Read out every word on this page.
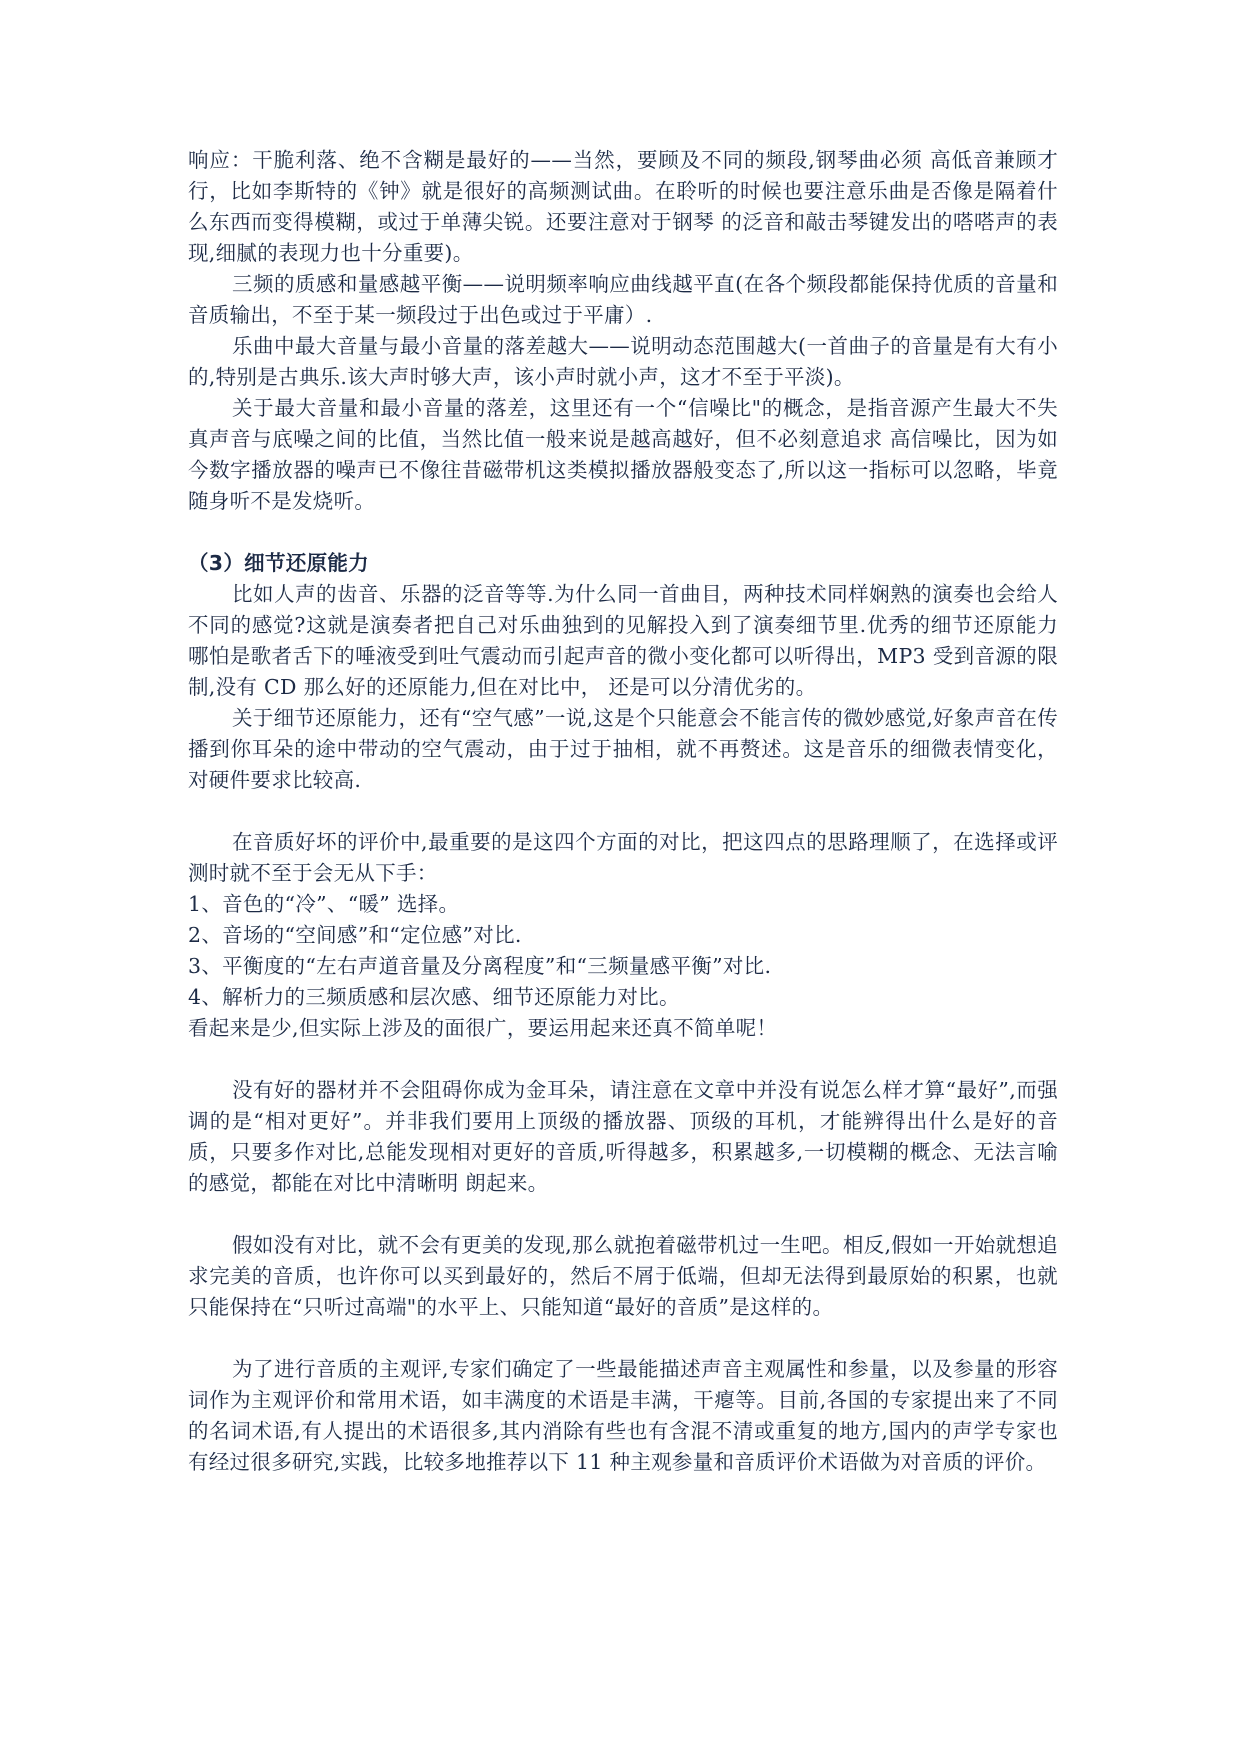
响应：干脆利落、绝不含糊是最好的——当然，要顾及不同的频段,钢琴曲必须 高低音兼顾才行，比如李斯特的《钟》就是很好的高频测试曲。在聆听的时候也要注意乐曲是否像是隔着什么东西而变得模糊，或过于单薄尖锐。还要注意对于钢琴 的泛音和敲击琴键发出的嗒嗒声的表现,细腻的表现力也十分重要)。

三频的质感和量感越平衡——说明频率响应曲线越平直(在各个频段都能保持优质的音量和音质输出，不至于某一频段过于出色或过于平庸）.

乐曲中最大音量与最小音量的落差越大——说明动态范围越大(一首曲子的音量是有大有小的,特别是古典乐.该大声时够大声，该小声时就小声，这才不至于平淡)。

关于最大音量和最小音量的落差，这里还有一个“信噪比"的概念，是指音源产生最大不失真声音与底噪之间的比值，当然比值一般来说是越高越好，但不必刻意追求 高信噪比，因为如今数字播放器的噪声已不像往昔磁带机这类模拟播放器般变态了,所以这一指标可以忽略，毕竟随身听不是发烧听。

（3）细节还原能力

比如人声的齿音、乐器的泛音等等.为什么同一首曲目，两种技术同样娴熟的演奏也会给人不同的感觉?这就是演奏者把自己对乐曲独到的见解投入到了演奏细节里.优秀的细节还原能力哪怕是歌者舌下的唾液受到吐气震动而引起声音的微小变化都可以听得出，MP3 受到音源的限制,没有 CD 那么好的还原能力,但在对比中， 还是可以分清优劣的。

关于细节还原能力，还有“空气感”一说,这是个只能意会不能言传的微妙感觉,好象声音在传播到你耳朵的途中带动的空气震动，由于过于抽相，就不再赘述。这是音乐的细微表情变化，对硬件要求比较高.

在音质好坏的评价中,最重要的是这四个方面的对比，把这四点的思路理顺了，在选择或评测时就不至于会无从下手：

1、音色的“冷”、“暖” 选择。

2、音场的“空间感”和“定位感”对比.

3、平衡度的“左右声道音量及分离程度”和“三频量感平衡”对比.

4、解析力的三频质感和层次感、细节还原能力对比。

看起来是少,但实际上涉及的面很广，要运用起来还真不简单呢！

没有好的器材并不会阻碍你成为金耳朵，请注意在文章中并没有说怎么样才算“最好”,而强调的是“相对更好”。并非我们要用上顶级的播放器、顶级的耳机，才能辨得出什么是好的音质，只要多作对比,总能发现相对更好的音质,听得越多，积累越多,一切模糊的概念、无法言喻的感觉，都能在对比中清晰明 朗起来。

假如没有对比，就不会有更美的发现,那么就抱着磁带机过一生吧。相反,假如一开始就想追求完美的音质，也许你可以买到最好的，然后不屑于低端，但却无法得到最原始的积累，也就只能保持在“只听过高端"的水平上、只能知道“最好的音质”是这样的。

为了进行音质的主观评,专家们确定了一些最能描述声音主观属性和参量，以及参量的形容词作为主观评价和常用术语，如丰满度的术语是丰满，干瘪等。目前,各国的专家提出来了不同的名词术语,有人提出的术语很多,其内消除有些也有含混不清或重复的地方,国内的声学专家也有经过很多研究,实践，比较多地推荐以下 11 种主观参量和音质评价术语做为对音质的评价。
